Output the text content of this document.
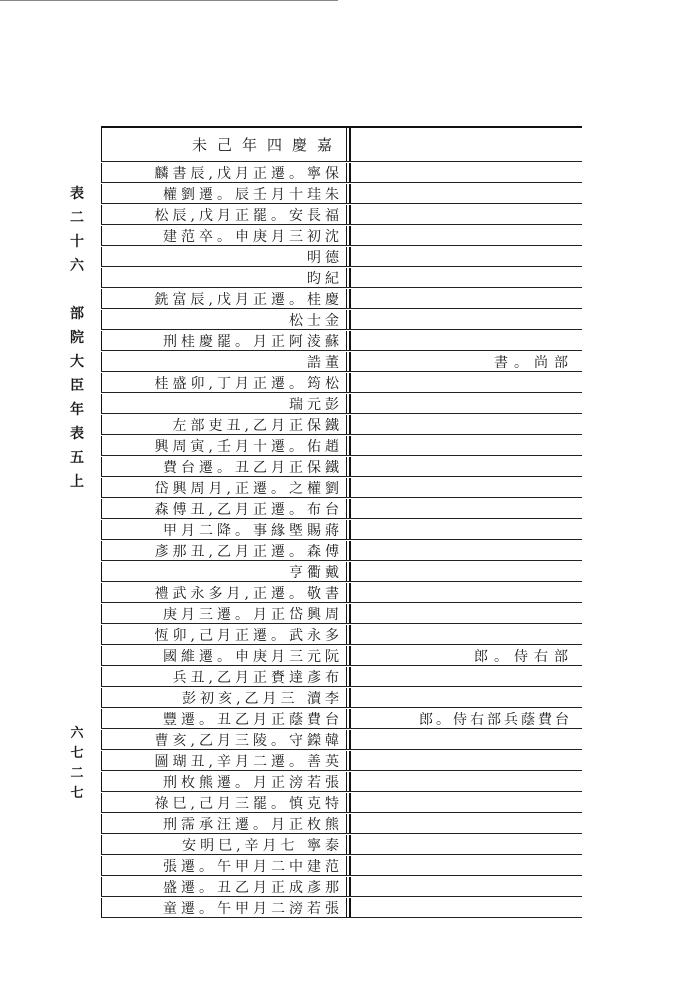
表
二
十
六
部
院
大
臣
年
表
五
上
六
七
二
七
未己年四慶嘉
麟書辰,戊月正遷。寧保
權劉遷。辰壬月十珪朱
松辰,戊月正罷。安長福
建范卒。申庚月三初沈
明德
昀紀
銑富辰,戊月正遷。桂慶
松士金
刑桂慶罷。月正阿淩蘇
誥董	書。尚部
桂盛卯,丁月正遷。筠松
瑞元彭
左部吏丑,乙月正保鐵
興周寅,壬月十遷。佑趙
費台遷。丑乙月正保鐵
岱興周月,正遷。之權劉
森傅丑,乙月正遷。布台
甲月二降。事緣塈賜蔣
彥那丑,乙月正遷。森傅
亨衢戴
禮武永多月,正遷。敬書
庚月三遷。月正岱興周
恆卯,己月正遷。武永多
國維遷。申庚月三元阮	郎。侍右部
兵丑,乙月正賚達彥布
彭初亥,乙月三 瀆李
豐遷。丑乙月正蔭費台	郎。侍右部兵蔭費台
曹亥,乙月三陵。守鑅韓
圖瑚丑,辛月二遷。善英
刑枚熊遷。月正滂若張
祿巳,己月三罷。慎克特
刑霈承汪遷。月正枚熊
安明巳,辛月七 寧泰
張遷。午甲月二中建范
盛遷。丑乙月正成彥那
童遷。午甲月二滂若張
